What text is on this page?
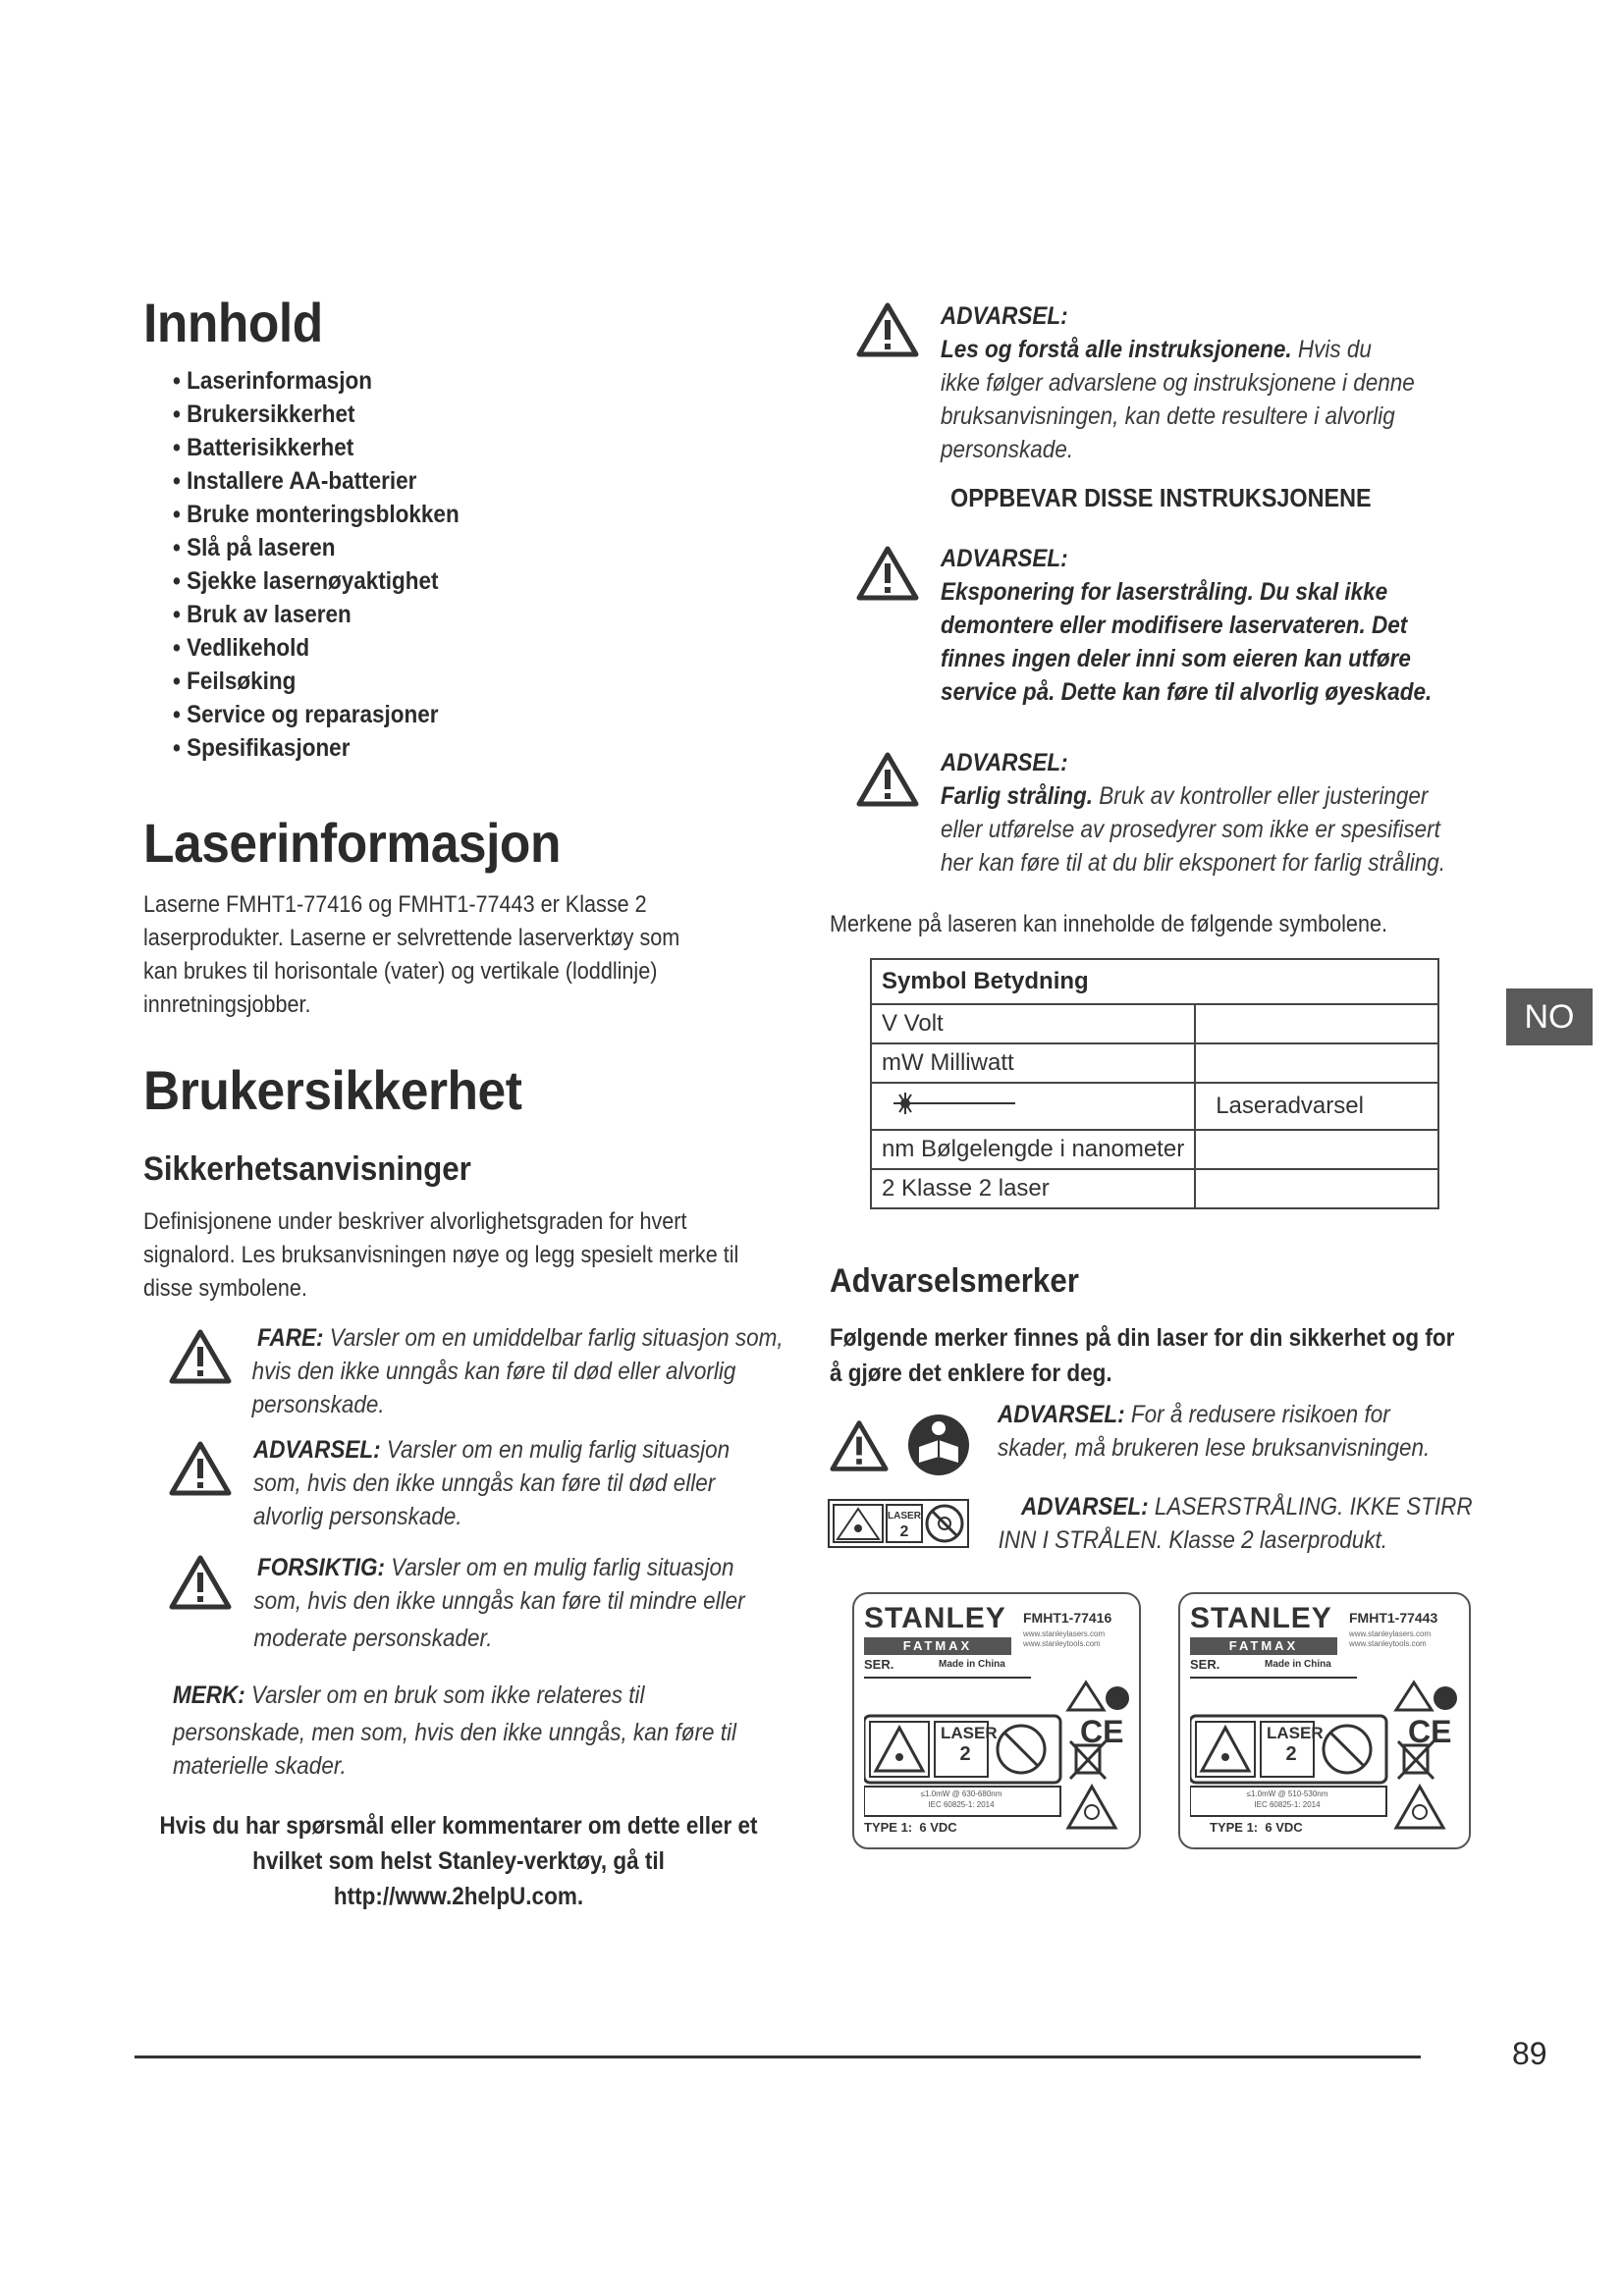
Innhold
• Laserinformasjon
• Brukersikkerhet
• Batterisikkerhet
• Installere AA-batterier
• Bruke monteringsblokken
• Slå på laseren
• Sjekke lasernøyaktighet
• Bruk av laseren
• Vedlikehold
• Feilsøking
• Service og reparasjoner
• Spesifikasjoner
Laserinformasjon
Laserne FMHT1-77416 og FMHT1-77443 er Klasse 2
laserprodukter. Laserne er selvrettende laserverktøy som
kan brukes til horisontale (vater) og vertikale (loddlinje)
innretningsjobber.
Brukersikkerhet
Sikkerhetsanvisninger
Definisjonene under beskriver alvorlighetsgraden for hvert
signalord. Les bruksanvisningen nøye og legg spesielt merke til
disse symbolene.
FARE: Varsler om en umiddelbar farlig situasjon som,
hvis den ikke unngås kan føre til død eller alvorlig
personskade.
ADVARSEL: Varsler om en mulig farlig situasjon
som, hvis den ikke unngås kan føre til død eller
alvorlig personskade.
FORSIKTIG: Varsler om en mulig farlig situasjon
som, hvis den ikke unngås kan føre til mindre eller
moderate personskader.
MERK: Varsler om en bruk som ikke relateres til
personskade, men som, hvis den ikke unngås, kan føre til
materielle skader.
Hvis du har spørsmål eller kommentarer om dette eller et
hvilket som helst Stanley-verktøy, gå til
http://www.2helpU.com.
ADVARSEL:
Les og forstå alle instruksjonene. Hvis du
ikke følger advarslene og instruksjonene i denne
bruksanvisningen, kan dette resultere i alvorlig
personskade.
OPPBEVAR DISSE INSTRUKSJONENE
ADVARSEL:
Eksponering for laserstråling. Du skal ikke
demontere eller modifisere laservateren. Det
finnes ingen deler inni som eieren kan utføre
service på. Dette kan føre til alvorlig øyeskade.
ADVARSEL:
Farlig stråling. Bruk av kontroller eller justeringer
eller utførelse av prosedyrer som ikke er spesifisert
her kan føre til at du blir eksponert for farlig stråling.
Merkene på laseren kan inneholde de følgende symbolene.
Symbol Betydning	
V Volt	
mW Milliwatt	
	Laseradvarsel
nm Bølgelengde i nanometer	
2 Klasse 2 laser	
NO
Advarselsmerker
Følgende merker finnes på din laser for din sikkerhet og for
å gjøre det enklere for deg.
ADVARSEL: For å redusere risikoen for
skader, må brukeren lese bruksanvisningen.
LASER
2
ADVARSEL: LASERSTRÅLING. IKKE STIRR
INN I STRÅLEN. Klasse 2 laserprodukt.
STANLEY FMHT1-77416
FATMAX
www.stanleylasers.com
www.stanleytools.com
SER.	Made in China
LASER
2
CE
≤1.0mW @ 630-680nm
IEC 60825-1: 2014
TYPE 1:  6 VDC
STANLEY FMHT1-77443
FATMAX
www.stanleylasers.com
www.stanleytools.com
SER.	Made in China
LASER
2
CE
≤1.0mW @ 510-530nm
IEC 60825-1: 2014
TYPE 1:  6 VDC
89
